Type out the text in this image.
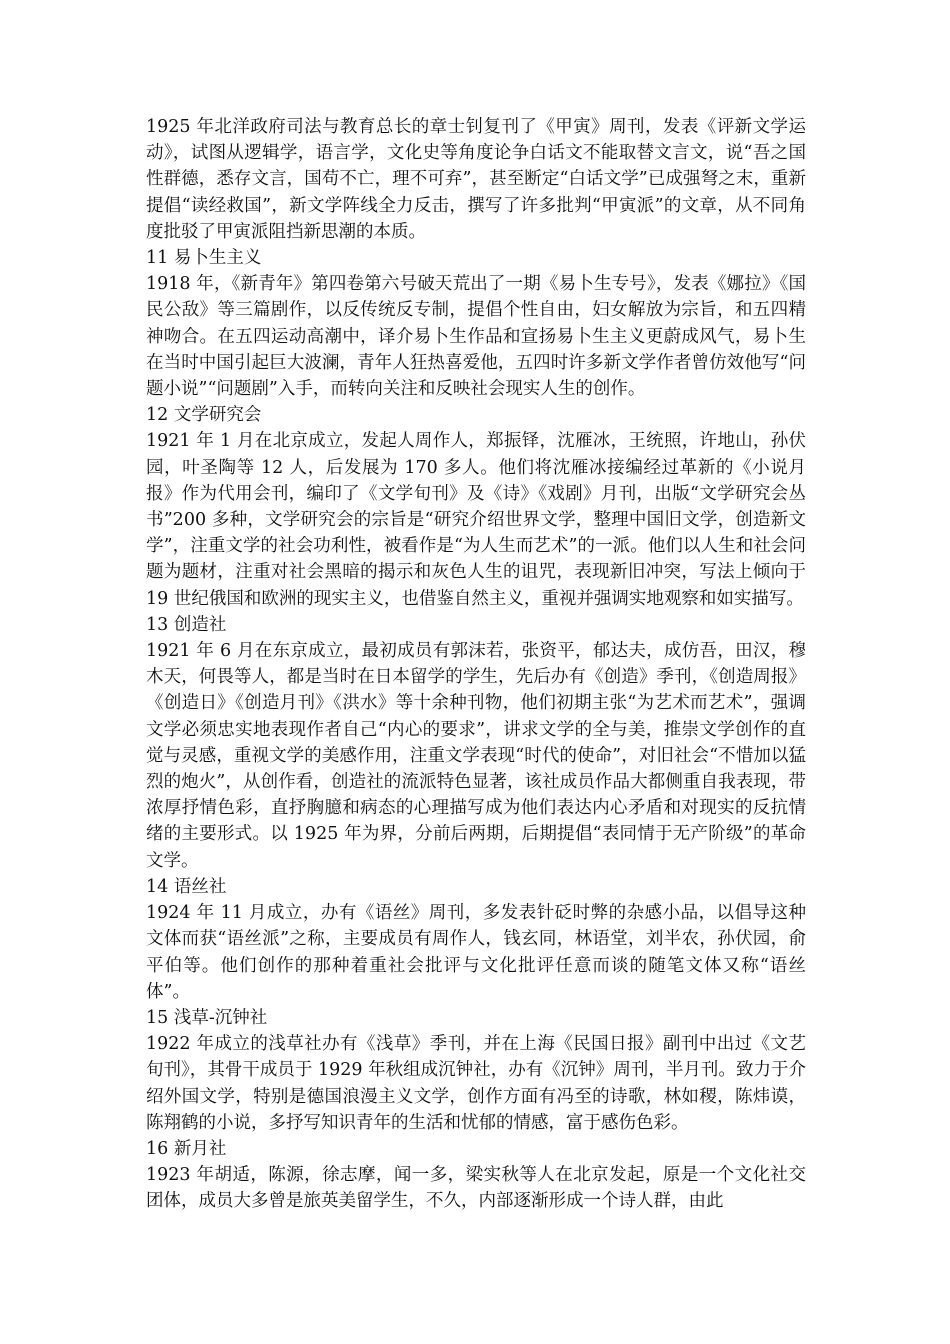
1925 年北洋政府司法与教育总长的章士钊复刊了《甲寅》周刊，发表《评新文学运动》，试图从逻辑学，语言学，文化史等角度论争白话文不能取替文言文，说“吾之国性群德，悉存文言，国苟不亡，理不可弃”，甚至断定“白话文学”已成强弩之末，重新提倡“读经救国”，新文学阵线全力反击，撰写了许多批判“甲寅派”的文章，从不同角度批驳了甲寅派阻挡新思潮的本质。

11 易卜生主义

1918 年，《新青年》第四卷第六号破天荒出了一期《易卜生专号》，发表《娜拉》《国民公敌》等三篇剧作，以反传统反专制，提倡个性自由，妇女解放为宗旨，和五四精神吻合。在五四运动高潮中，译介易卜生作品和宣扬易卜生主义更蔚成风气，易卜生在当时中国引起巨大波澜，青年人狂热喜爱他，五四时许多新文学作者曾仿效他写“问题小说”“问题剧”入手，而转向关注和反映社会现实人生的创作。

12 文学研究会

1921 年 1 月在北京成立，发起人周作人，郑振铎，沈雁冰，王统照，许地山，孙伏园，叶圣陶等 12 人，后发展为 170 多人。他们将沈雁冰接编经过革新的《小说月报》作为代用会刊，编印了《文学旬刊》及《诗》《戏剧》月刊，出版“文学研究会丛书”200 多种，文学研究会的宗旨是“研究介绍世界文学，整理中国旧文学，创造新文学”，注重文学的社会功利性，被看作是“为人生而艺术”的一派。他们以人生和社会问题为题材，注重对社会黑暗的揭示和灰色人生的诅咒，表现新旧冲突，写法上倾向于 19 世纪俄国和欧洲的现实主义，也借鉴自然主义，重视并强调实地观察和如实描写。

13 创造社

1921 年 6 月在东京成立，最初成员有郭沫若，张资平，郁达夫，成仿吾，田汉，穆木天，何畏等人，都是当时在日本留学的学生，先后办有《创造》季刊，《创造周报》《创造日》《创造月刊》《洪水》等十余种刊物，他们初期主张“为艺术而艺术”，强调文学必须忠实地表现作者自己“内心的要求”，讲求文学的全与美，推崇文学创作的直觉与灵感，重视文学的美感作用，注重文学表现“时代的使命”，对旧社会“不惜加以猛烈的炮火”，从创作看，创造社的流派特色显著，该社成员作品大都侧重自我表现，带浓厚抒情色彩，直抒胸臆和病态的心理描写成为他们表达内心矛盾和对现实的反抗情绪的主要形式。以 1925 年为界，分前后两期，后期提倡“表同情于无产阶级”的革命文学。

14 语丝社

1924 年 11 月成立，办有《语丝》周刊，多发表针砭时弊的杂感小品，以倡导这种文体而获“语丝派”之称，主要成员有周作人，钱玄同，林语堂，刘半农，孙伏园，俞平伯等。他们创作的那种着重社会批评与文化批评任意而谈的随笔文体又称“语丝体”。

15 浅草-沉钟社

1922 年成立的浅草社办有《浅草》季刊，并在上海《民国日报》副刊中出过《文艺旬刊》，其骨干成员于 1929 年秋组成沉钟社，办有《沉钟》周刊，半月刊。致力于介绍外国文学，特别是德国浪漫主义文学，创作方面有冯至的诗歌，林如稷，陈炜谟，陈翔鹤的小说，多抒写知识青年的生活和忧郁的情感，富于感伤色彩。

16 新月社

1923 年胡适，陈源，徐志摩，闻一多，梁实秋等人在北京发起，原是一个文化社交团体，成员大多曾是旅英美留学生，不久，内部逐渐形成一个诗人群，由此
